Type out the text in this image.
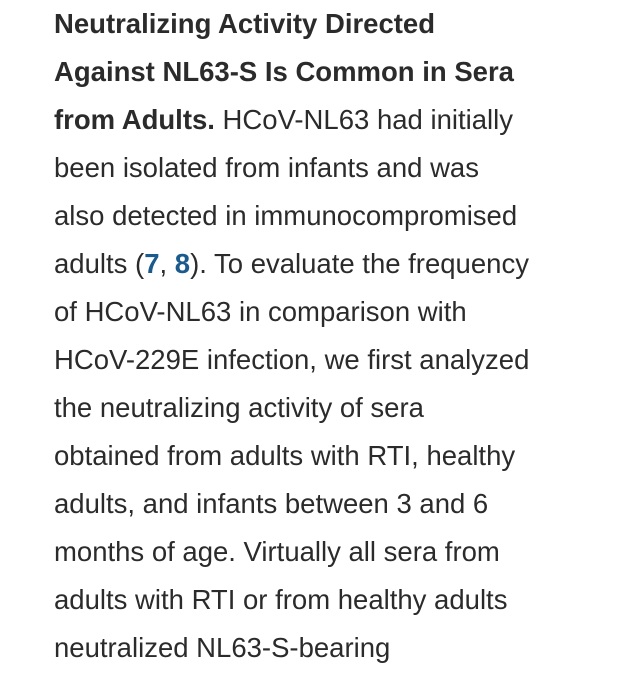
Neutralizing Activity Directed
Against NL63-S Is Common in Sera
from Adults. HCoV-NL63 had initially
been isolated from infants and was
also detected in immunocompromised
adults (7, 8). To evaluate the frequency
of HCoV-NL63 in comparison with
HCoV-229E infection, we first analyzed
the neutralizing activity of sera
obtained from adults with RTI, healthy
adults, and infants between 3 and 6
months of age. Virtually all sera from
adults with RTI or from healthy adults
neutralized NL63-S-bearing
